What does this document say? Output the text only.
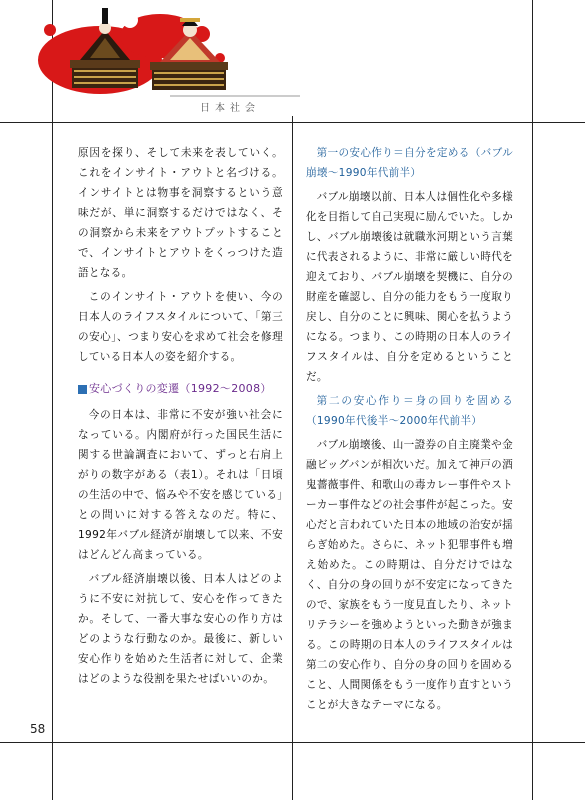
日本社会

原因を探り、そして未来を表していく。これをインサイト・アウトと名づける。インサイトとは物事を洞察するという意味だが、単に洞察するだけではなく、その洞察から未来をアウトプットすることで、インサイトとアウトをくっつけた造語となる。

このインサイト・アウトを使い、今の日本人のライフスタイルについて、「第三の安心」、つまり安心を求めて社会を修理している日本人の姿を紹介する。

安心づくりの変遷（1992～2008）

今の日本は、非常に不安が強い社会になっている。内閣府が行った国民生活に関する世論調査において、ずっと右肩上がりの数字がある（表1）。それは「日頃の生活の中で、悩みや不安を感じている」との問いに対する答えなのだ。特に、1992年バブル経済が崩壊して以来、不安はどんどん高まっている。

バブル経済崩壊以後、日本人はどのように不安に対抗して、安心を作ってきたか。そして、一番大事な安心の作り方はどのような行動なのか。最後に、新しい安心作りを始めた生活者に対して、企業はどのような役割を果たせばいいのか。

第一の安心作り＝自分を定める（バブル崩壊～1990年代前半）

バブル崩壊以前、日本人は個性化や多様化を目指して自己実現に励んでいた。しかし、バブル崩壊後は就職氷河期という言葉に代表されるように、非常に厳しい時代を迎えており、バブル崩壊を契機に、自分の財産を確認し、自分の能力をもう一度取り戻し、自分のことに興味、関心を払うようになる。つまり、この時期の日本人のライフスタイルは、自分を定めるということだ。

第二の安心作り＝身の回りを固める（1990年代後半～2000年代前半）

バブル崩壊後、山一證券の自主廃業や金融ビッグバンが相次いだ。加えて神戸の酒鬼薔薇事件、和歌山の毒カレー事件やストーカー事件などの社会事件が起こった。安心だと言われていた日本の地域の治安が揺らぎ始めた。さらに、ネット犯罪事件も増え始めた。この時期は、自分だけではなく、自分の身の回りが不安定になってきたので、家族をもう一度見直したり、ネットリテラシーを強めようといった動きが強まる。この時期の日本人のライフスタイルは第二の安心作り、自分の身の回りを固めること、人間関係をもう一度作り直すということが大きなテーマになる。

58
